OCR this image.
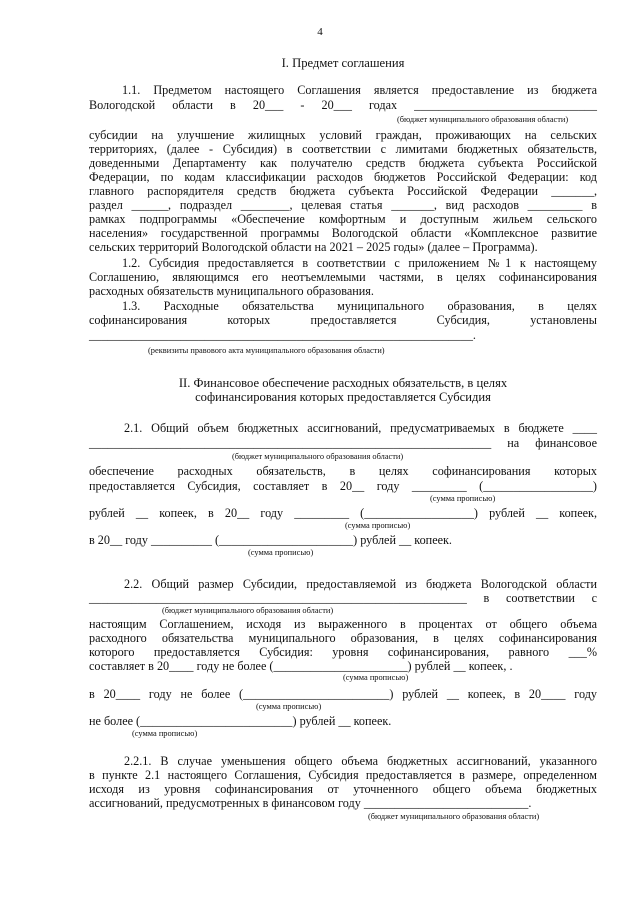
4
I. Предмет соглашения
1.1. Предметом настоящего Соглашения является предоставление из бюджета
Вологодской области в 20___ - 20___ годах ______________________________
(бюджет муниципального образования области)
субсидии на улучшение жилищных условий граждан, проживающих на сельских
территориях, (далее - Субсидия) в соответствии с лимитами бюджетных обязательств,
доведенными Департаменту как получателю средств бюджета субъекта Российской
Федерации, по кодам классификации расходов бюджетов Российской Федерации: код
главного распорядителя средств бюджета субъекта Российской Федерации _______,
раздел ______, подраздел ________, целевая статья _______, вид расходов _________ в
рамках подпрограммы «Обеспечение комфортным и доступным жильем сельского
населения» государственной программы Вологодской области «Комплексное развитие
сельских территорий Вологодской области на 2021 – 2025 годы» (далее – Программа).
1.2. Субсидия предоставляется в соответствии с приложением №1 к настоящему
Соглашению, являющимся его неотъемлемыми частями, в целях софинансирования
расходных обязательств муниципального образования.
1.3. Расходные обязательства муниципального образования, в целях
софинансирования которых предоставляется Субсидия, установлены
_______________________________________________________________.
(реквизиты правового акта муниципального образования области)
II. Финансовое обеспечение расходных обязательств, в целях
софинансирования которых предоставляется Субсидия
2.1. Общий объем бюджетных ассигнований, предусматриваемых в бюджете ____
__________________________________________________________________ на финансовое
(бюджет муниципального образования области)
обеспечение расходных обязательств, в целях софинансирования которых
предоставляется Субсидия, составляет в 20__ году _________ (__________________)
(сумма прописью)
рублей __ копеек, в 20__ году _________ (__________________) рублей __ копеек,
(сумма прописью)
в 20__ году __________ (______________________) рублей __ копеек.
(сумма прописью)
2.2. Общий размер Субсидии, предоставляемой из бюджета Вологодской области
______________________________________________________________ в соответствии с
(бюджет муниципального образования области)
настоящим Соглашением, исходя из выраженного в процентах от общего объема
расходного обязательства муниципального образования, в целях софинансирования
которого предоставляется Субсидия: уровня софинансирования, равного ___%
составляет в 20____ году не более (______________________) рублей __ копеек, .
(сумма прописью)
в 20____ году не более (________________________) рублей __ копеек, в 20____ году
(сумма прописью)
не более (_________________________) рублей __ копеек.
(сумма прописью)
2.2.1. В случае уменьшения общего объема бюджетных ассигнований, указанного
в пункте 2.1 настоящего Соглашения, Субсидия предоставляется в размере, определенном
исходя из уровня софинансирования от уточненного общего объема бюджетных
ассигнований, предусмотренных в финансовом году ___________________________.
(бюджет муниципального образования области)
